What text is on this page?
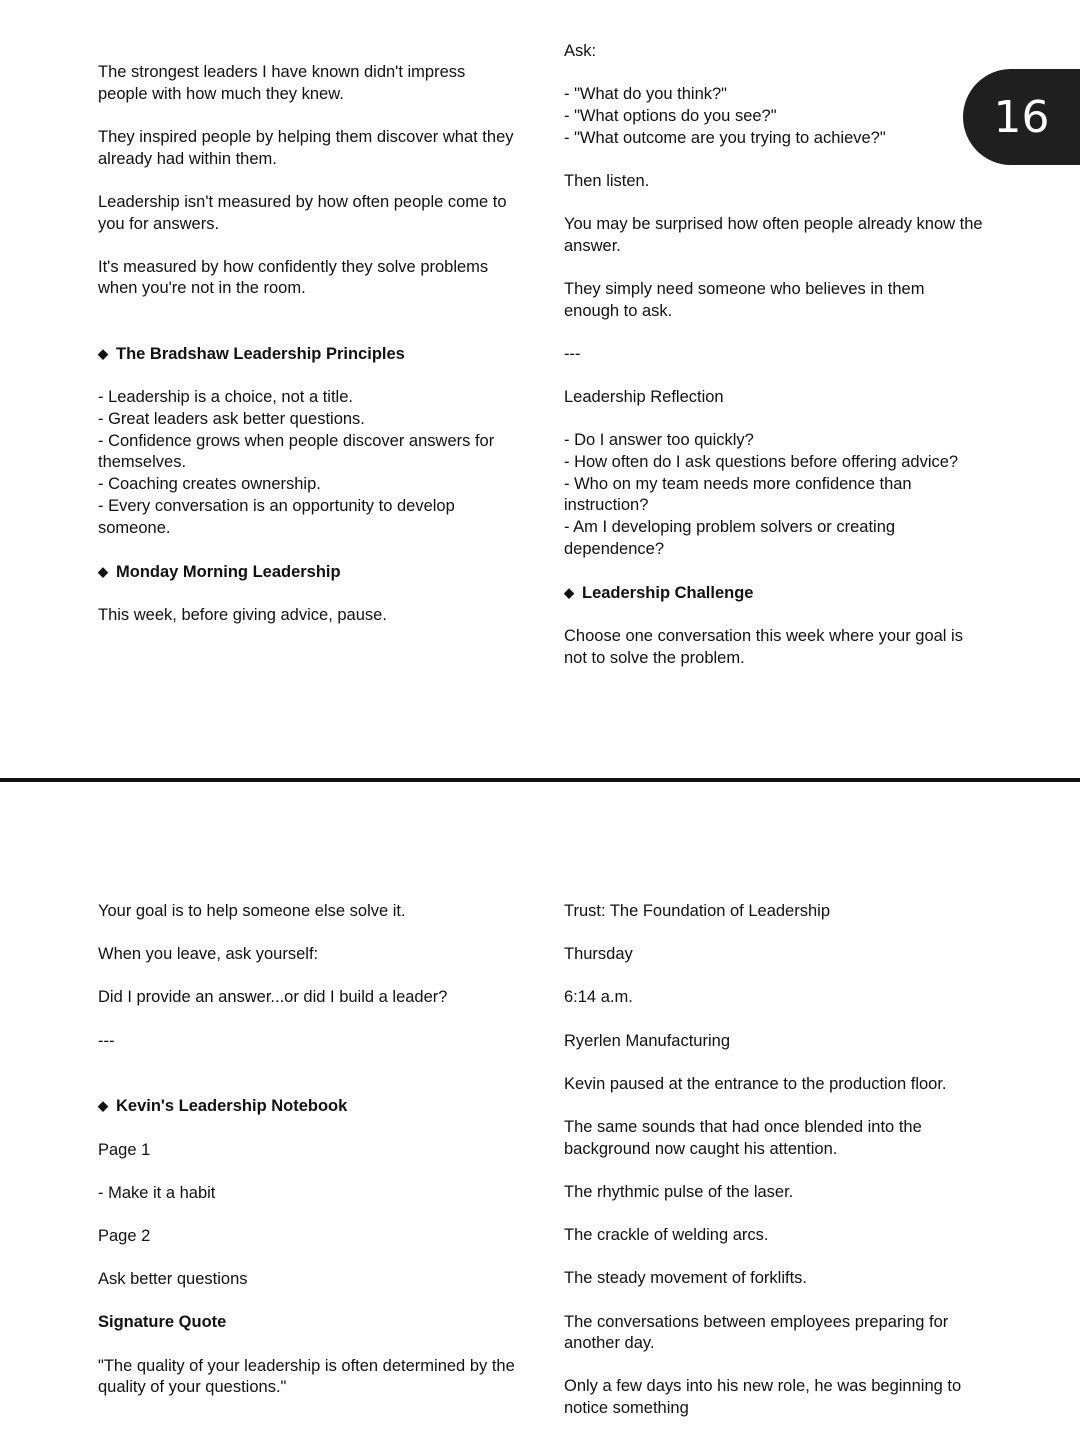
16

The strongest leaders I have known didn't impress people with how much they knew.

They inspired people by helping them discover what they already had within them.

Leadership isn't measured by how often people come to you for answers.

It's measured by how confidently they solve problems when you're not in the room.

◆ The Bradshaw Leadership Principles

- Leadership is a choice, not a title.
- Great leaders ask better questions.
- Confidence grows when people discover answers for themselves.
- Coaching creates ownership.
- Every conversation is an opportunity to develop someone.

◆ Monday Morning Leadership

This week, before giving advice, pause.

Ask:

- "What do you think?"
- "What options do you see?"
- "What outcome are you trying to achieve?"

Then listen.

You may be surprised how often people already know the answer.

They simply need someone who believes in them enough to ask.

---

Leadership Reflection

- Do I answer too quickly?
- How often do I ask questions before offering advice?
- Who on my team needs more confidence than instruction?
- Am I developing problem solvers or creating dependence?

◆ Leadership Challenge

Choose one conversation this week where your goal is not to solve the problem.

Your goal is to help someone else solve it.

When you leave, ask yourself:

Did I provide an answer...or did I build a leader?

---

◆ Kevin's Leadership Notebook

Page 1

- Make it a habit

Page 2

Ask better questions

Signature Quote

"The quality of your leadership is often determined by the quality of your questions."

Trust: The Foundation of Leadership

Thursday

6:14 a.m.

Ryerlen Manufacturing

Kevin paused at the entrance to the production floor.

The same sounds that had once blended into the background now caught his attention.

The rhythmic pulse of the laser.

The crackle of welding arcs.

The steady movement of forklifts.

The conversations between employees preparing for another day.

Only a few days into his new role, he was beginning to notice something
